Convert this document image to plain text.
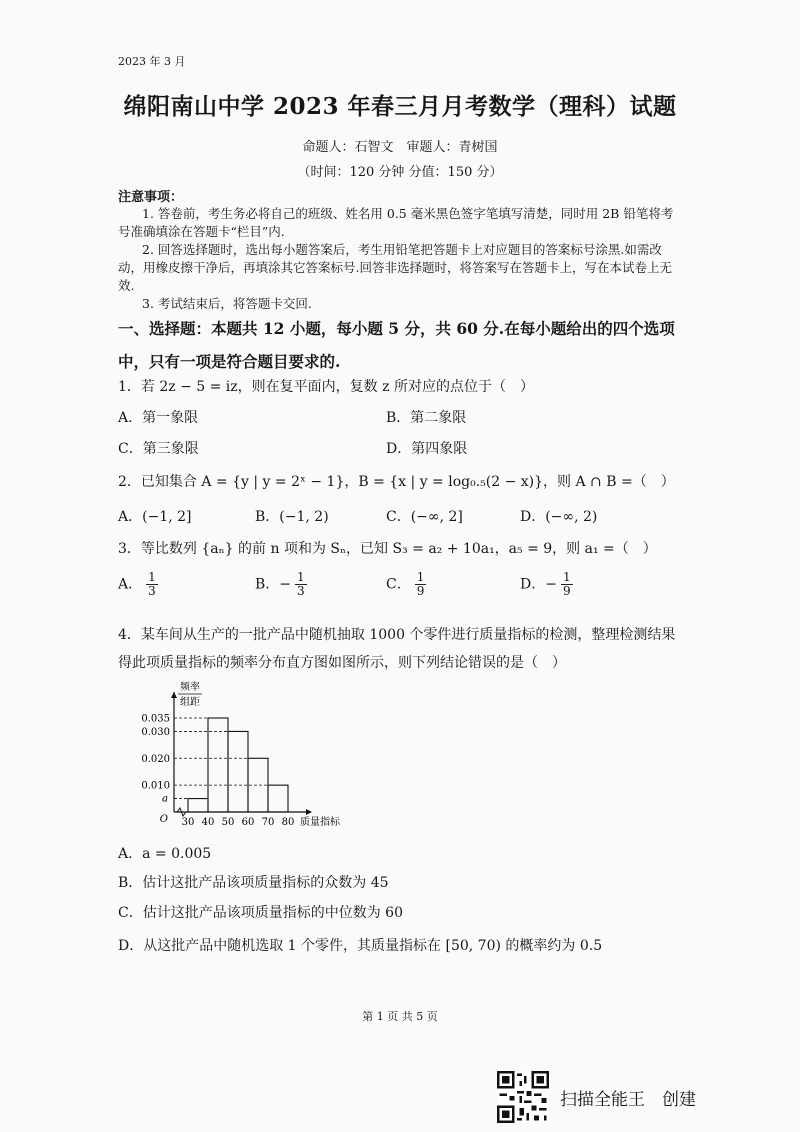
2023 年 3 月
绵阳南山中学 2023 年春三月月考数学（理科）试题
命题人：石智文　审题人：青树国
（时间：120 分钟 分值：150 分）
注意事项：
1. 答卷前，考生务必将自己的班级、姓名用 0.5 毫米黑色签字笔填写清楚，同时用 2B 铅笔将考号准确填涂在答题卡“栏目”内.
2. 回答选择题时，选出每小题答案后，考生用铅笔把答题卡上对应题目的答案标号涂黑.如需改动，用橡皮擦干净后，再填涂其它答案标号.回答非选择题时，将答案写在答题卡上，写在本试卷上无效.
3. 考试结束后，将答题卡交回.
一、选择题：本题共 12 小题，每小题 5 分，共 60 分.在每小题给出的四个选项中，只有一项是符合题目要求的.
1．若 2z − 5 = iz，则在复平面内，复数 z 所对应的点位于（　）
A．第一象限	B．第二象限
C．第三象限	D．第四象限
2．已知集合 A = {y | y = 2ˣ − 1}，B = {x | y = log₀.₅(2 − x)}，则 A ∩ B =（　）
A．(−1, 2]	B．(−1, 2)	C．(−∞, 2]	D．(−∞, 2)
3．等比数列 {aₙ} 的前 n 项和为 Sₙ，已知 S₃ = a₂ + 10a₁，a₅ = 9，则 a₁ =（　）
A． $\frac{1}{3}$	B．− $\frac{1}{3}$	C． $\frac{1}{9}$	D．− $\frac{1}{9}$
4．某车间从生产的一批产品中随机抽取 1000 个零件进行质量指标的检测，整理检测结果得此项质量指标的频率分布直方图如图所示，则下列结论错误的是（　）
频率
组距
0.010
0.020
0.030
0.035
a
O 30 40 50 60 70 80 质量指标
A．a = 0.005
B．估计这批产品该项质量指标的众数为 45
C．估计这批产品该项质量指标的中位数为 60
D．从这批产品中随机选取 1 个零件，其质量指标在 [50, 70) 的概率约为 0.5
第 1 页 共 5 页
扫描全能王　创建
